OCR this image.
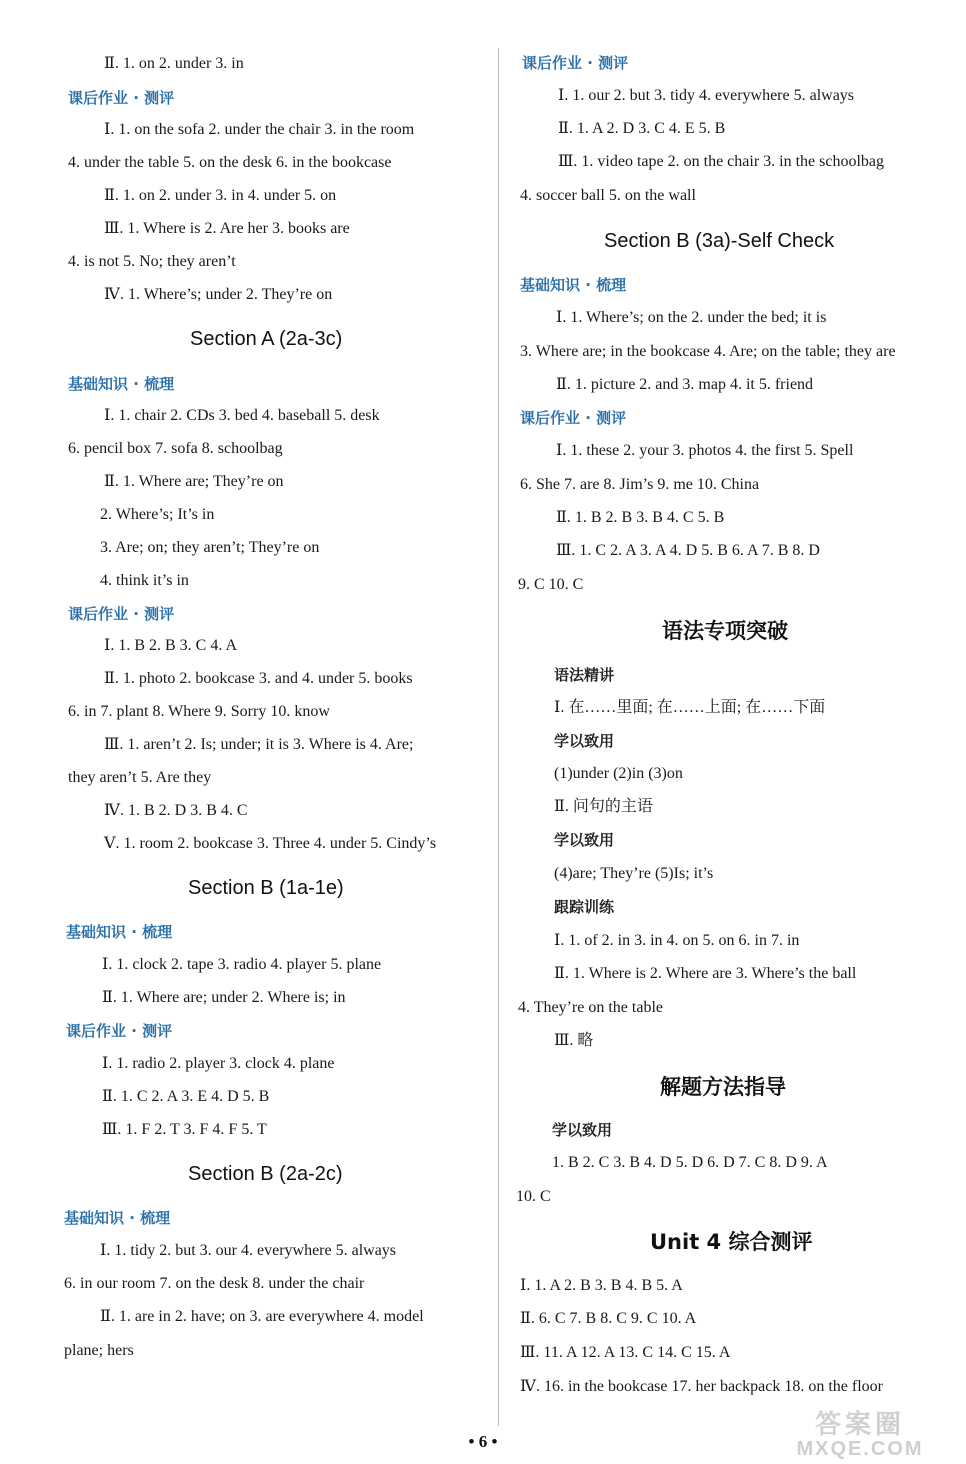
Ⅱ. 1. on 2. under 3. in
课后作业 · 测评
Ⅰ. 1. on the sofa 2. under the chair 3. in the room
4. under the table 5. on the desk 6. in the bookcase
Ⅱ. 1. on 2. under 3. in 4. under 5. on
Ⅲ. 1. Where is 2. Are her 3. books are
4. is not 5. No; they aren’t
Ⅳ. 1. Where’s; under 2. They’re on
Section A (2a-3c)
基础知识 · 梳理
Ⅰ. 1. chair 2. CDs 3. bed 4. baseball 5. desk
6. pencil box 7. sofa 8. schoolbag
Ⅱ. 1. Where are; They’re on
2. Where’s; It’s in
3. Are; on; they aren’t; They’re on
4. think it’s in
课后作业 · 测评
Ⅰ. 1. B 2. B 3. C 4. A
Ⅱ. 1. photo 2. bookcase 3. and 4. under 5. books
6. in 7. plant 8. Where 9. Sorry 10. know
Ⅲ. 1. aren’t 2. Is; under; it is 3. Where is 4. Are;
they aren’t 5. Are they
Ⅳ. 1. B 2. D 3. B 4. C
Ⅴ. 1. room 2. bookcase 3. Three 4. under 5. Cindy’s
Section B (1a-1e)
基础知识 · 梳理
Ⅰ. 1. clock 2. tape 3. radio 4. player 5. plane
Ⅱ. 1. Where are; under 2. Where is; in
课后作业 · 测评
Ⅰ. 1. radio 2. player 3. clock 4. plane
Ⅱ. 1. C 2. A 3. E 4. D 5. B
Ⅲ. 1. F 2. T 3. F 4. F 5. T
Section B (2a-2c)
基础知识 · 梳理
Ⅰ. 1. tidy 2. but 3. our 4. everywhere 5. always
6. in our room 7. on the desk 8. under the chair
Ⅱ. 1. are in 2. have; on 3. are everywhere 4. model
plane; hers
课后作业 · 测评
Ⅰ. 1. our 2. but 3. tidy 4. everywhere 5. always
Ⅱ. 1. A 2. D 3. C 4. E 5. B
Ⅲ. 1. video tape 2. on the chair 3. in the schoolbag
4. soccer ball 5. on the wall
Section B (3a)-Self Check
基础知识 · 梳理
Ⅰ. 1. Where’s; on the 2. under the bed; it is
3. Where are; in the bookcase 4. Are; on the table; they are
Ⅱ. 1. picture 2. and 3. map 4. it 5. friend
课后作业 · 测评
Ⅰ. 1. these 2. your 3. photos 4. the first 5. Spell
6. She 7. are 8. Jim’s 9. me 10. China
Ⅱ. 1. B 2. B 3. B 4. C 5. B
Ⅲ. 1. C 2. A 3. A 4. D 5. B 6. A 7. B 8. D
9. C 10. C
语法专项突破
语法精讲
Ⅰ. 在……里面; 在……上面; 在……下面
学以致用
(1)under (2)in (3)on
Ⅱ. 问句的主语
学以致用
(4)are; They’re (5)Is; it’s
跟踪训练
Ⅰ. 1. of 2. in 3. in 4. on 5. on 6. in 7. in
Ⅱ. 1. Where is 2. Where are 3. Where’s the ball
4. They’re on the table
Ⅲ. 略
解题方法指导
学以致用
1. B 2. C 3. B 4. D 5. D 6. D 7. C 8. D 9. A
10. C
Unit 4 综合测评
Ⅰ. 1. A 2. B 3. B 4. B 5. A
Ⅱ. 6. C 7. B 8. C 9. C 10. A
Ⅲ. 11. A 12. A 13. C 14. C 15. A
Ⅳ. 16. in the bookcase 17. her backpack 18. on the floor
• 6 •
答案圈
MXQE.COM
